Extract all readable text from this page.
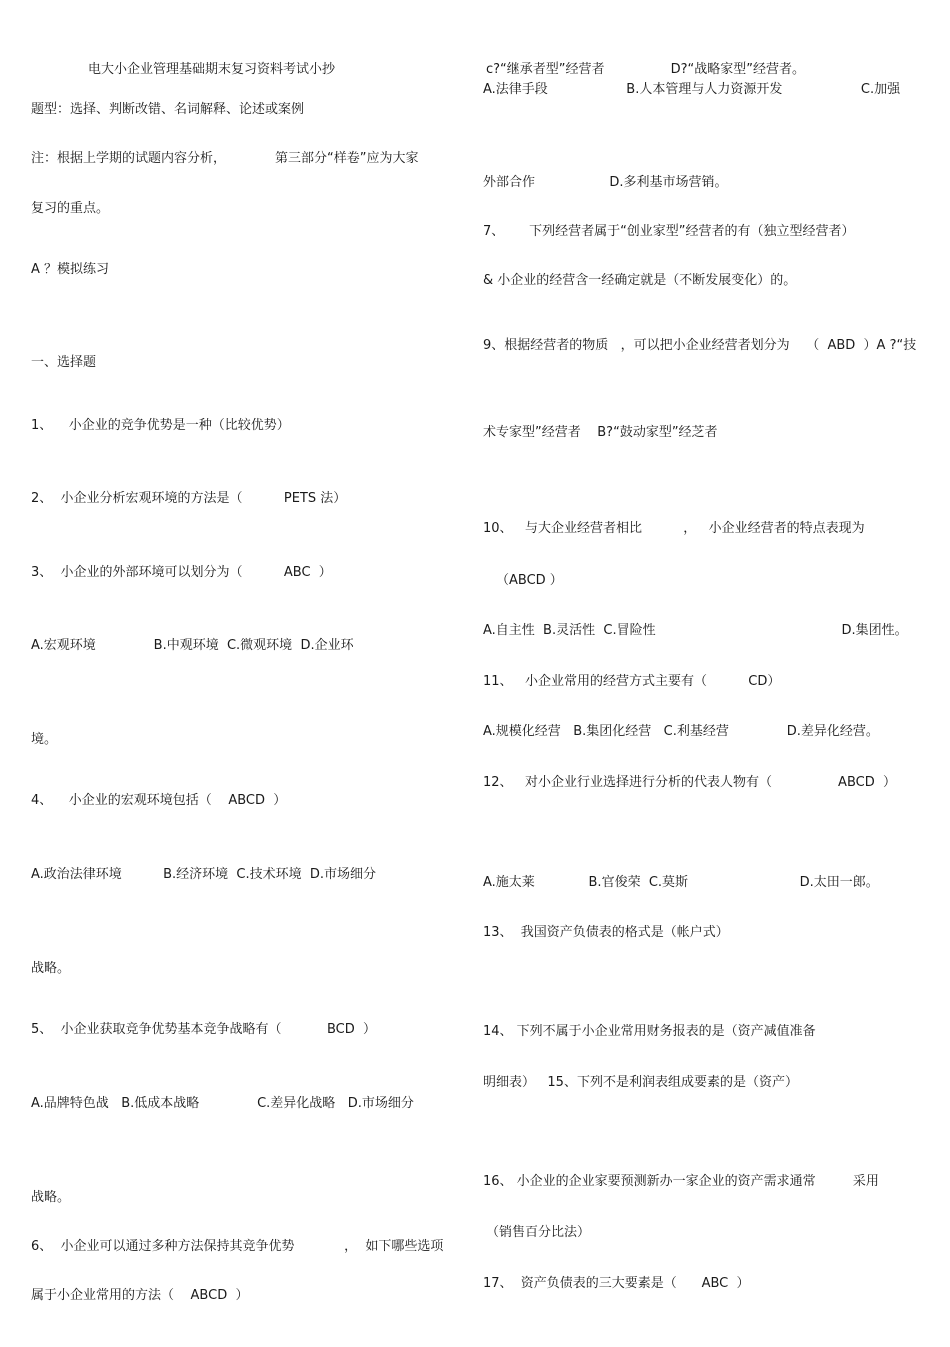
电大小企业管理基础期末复习资料考试小抄
题型：选择、判断改错、名词解释、论述或案例
注：根据上学期的试题内容分析，	第三部分“样卷”应为大家
复习的重点。
A ？模拟练习
一、选择题
1、    小企业的竞争优势是一种（比较优势）
2、  小企业分析宏观环境的方法是（          PETS 法）
3、  小企业的外部环境可以划分为（          ABC  ）
A.宏观环境              B.中观环境  C.微观环境  D.企业环
境。
4、    小企业的宏观环境包括（    ABCD  ）
A.政治法律环境          B.经济环境  C.技术环境  D.市场细分
战略。
5、  小企业获取竞争优势基本竞争战略有（           BCD  ）
A.品牌特色战   B.低成本战略              C.差异化战略   D.市场细分
战略。
6、  小企业可以通过多种方法保持其竞争优势            ，  如下哪些选项
属于小企业常用的方法（    ABCD  ）
c?“继承者型”经营者                D?“战略家型”经营者。
A.法律手段                   B.人本管理与人力资源开发                   C.加强
外部合作                  D.多利基市场营销。
7、      下列经营者属于“创业家型”经营者的有（独立型经营者）
& 小企业的经营含一经确定就是（不断发展变化）的。
9、根据经营者的物质   ，可以把小企业经营者划分为    （  ABD  ）A ?“技
术专家型”经营者    B?“鼓动家型”经芝者
10、   与大企业经营者相比          ，   小企业经营者的特点表现为
（ABCD ）
A.自主性  B.灵活性  C.冒险性                                             D.集团性。
11、   小企业常用的经营方式主要有（          CD）
A.规模化经营   B.集团化经营   C.利基经营              D.差异化经营。
12、   对小企业行业选择进行分析的代表人物有（                ABCD  ）
A.施太莱             B.官俊荣  C.莫斯                           D.太田一郎。
13、  我国资产负债表的格式是（帐户式）
14、 下列不属于小企业常用财务报表的是（资产减值准备
明细表）   15、下列不是利润表组成要素的是（资产）
16、 小企业的企业家要预测新办一家企业的资产需求通常         采用
（销售百分比法）
17、  资产负债表的三大要素是（      ABC  ）
